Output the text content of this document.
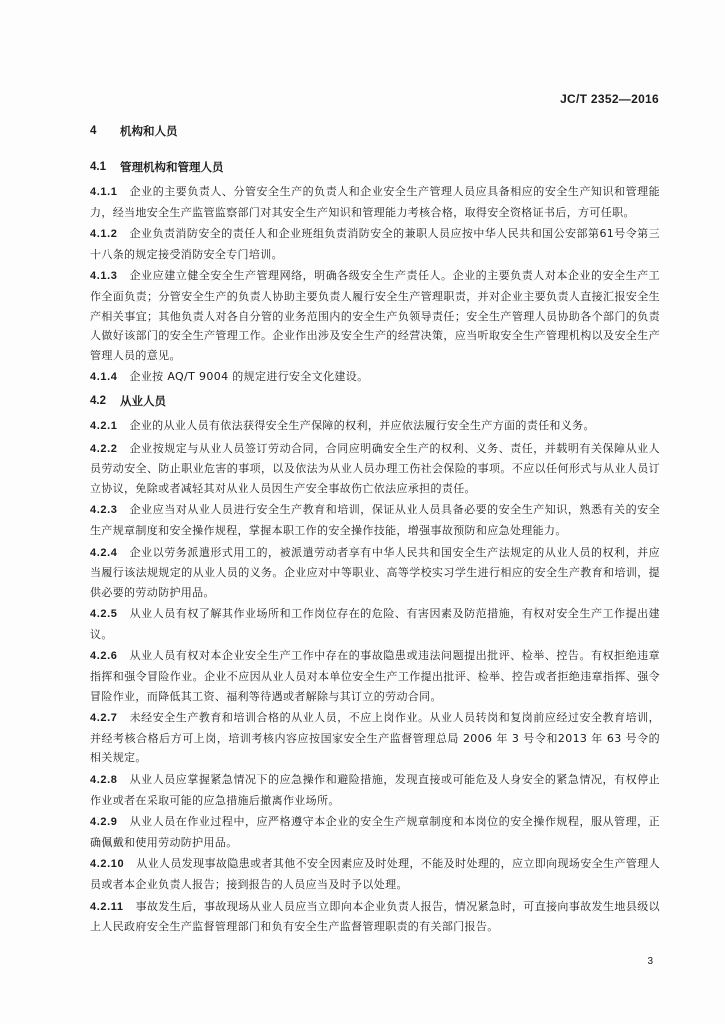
JC/T 2352—2016
4	机构和人员
4.1	管理机构和管理人员

4.1.1 企业的主要负责人、分管安全生产的负责人和企业安全生产管理人员应具备相应的安全生产知识和管理能力，经当地安全生产监管监察部门对其安全生产知识和管理能力考核合格，取得安全资格证书后，方可任职。

4.1.2 企业负责消防安全的责任人和企业班组负责消防安全的兼职人员应按中华人民共和国公安部第61号令第三十八条的规定接受消防安全专门培训。

4.1.3 企业应建立健全安全生产管理网络，明确各级安全生产责任人。企业的主要负责人对本企业的安全生产工作全面负责；分管安全生产的负责人协助主要负责人履行安全生产管理职责，并对企业主要负责人直接汇报安全生产相关事宜；其他负责人对各自分管的业务范围内的安全生产负领导责任；安全生产管理人员协助各个部门的负责人做好该部门的安全生产管理工作。企业作出涉及安全生产的经营决策，应当听取安全生产管理机构以及安全生产管理人员的意见。

4.1.4 企业按 AQ/T 9004 的规定进行安全文化建设。

4.2	从业人员

4.2.1 企业的从业人员有依法获得安全生产保障的权利，并应依法履行安全生产方面的责任和义务。

4.2.2 企业按规定与从业人员签订劳动合同，合同应明确安全生产的权利、义务、责任，并载明有关保障从业人员劳动安全、防止职业危害的事项，以及依法为从业人员办理工伤社会保险的事项。不应以任何形式与从业人员订立协议，免除或者减轻其对从业人员因生产安全事故伤亡依法应承担的责任。

4.2.3 企业应当对从业人员进行安全生产教育和培训，保证从业人员具备必要的安全生产知识，熟悉有关的安全生产规章制度和安全操作规程，掌握本职工作的安全操作技能，增强事故预防和应急处理能力。

4.2.4 企业以劳务派遣形式用工的，被派遣劳动者享有中华人民共和国安全生产法规定的从业人员的权利，并应当履行该法规规定的从业人员的义务。企业应对中等职业、高等学校实习学生进行相应的安全生产教育和培训，提供必要的劳动防护用品。

4.2.5 从业人员有权了解其作业场所和工作岗位存在的危险、有害因素及防范措施，有权对安全生产工作提出建议。

4.2.6 从业人员有权对本企业安全生产工作中存在的事故隐患或违法问题提出批评、检举、控告。有权拒绝违章指挥和强令冒险作业。企业不应因从业人员对本单位安全生产工作提出批评、检举、控告或者拒绝违章指挥、强令冒险作业，而降低其工资、福利等待遇或者解除与其订立的劳动合同。

4.2.7 未经安全生产教育和培训合格的从业人员，不应上岗作业。从业人员转岗和复岗前应经过安全教育培训，并经考核合格后方可上岗，培训考核内容应按国家安全生产监督管理总局 2006 年 3 号令和2013 年 63 号令的相关规定。

4.2.8 从业人员应掌握紧急情况下的应急操作和避险措施，发现直接或可能危及人身安全的紧急情况，有权停止作业或者在采取可能的应急措施后撤离作业场所。

4.2.9 从业人员在作业过程中，应严格遵守本企业的安全生产规章制度和本岗位的安全操作规程，服从管理，正确佩戴和使用劳动防护用品。

4.2.10 从业人员发现事故隐患或者其他不安全因素应及时处理，不能及时处理的，应立即向现场安全生产管理人员或者本企业负责人报告；接到报告的人员应当及时予以处理。

4.2.11 事故发生后，事故现场从业人员应当立即向本企业负责人报告，情况紧急时，可直接向事故发生地县级以上人民政府安全生产监督管理部门和负有安全生产监督管理职责的有关部门报告。

3
